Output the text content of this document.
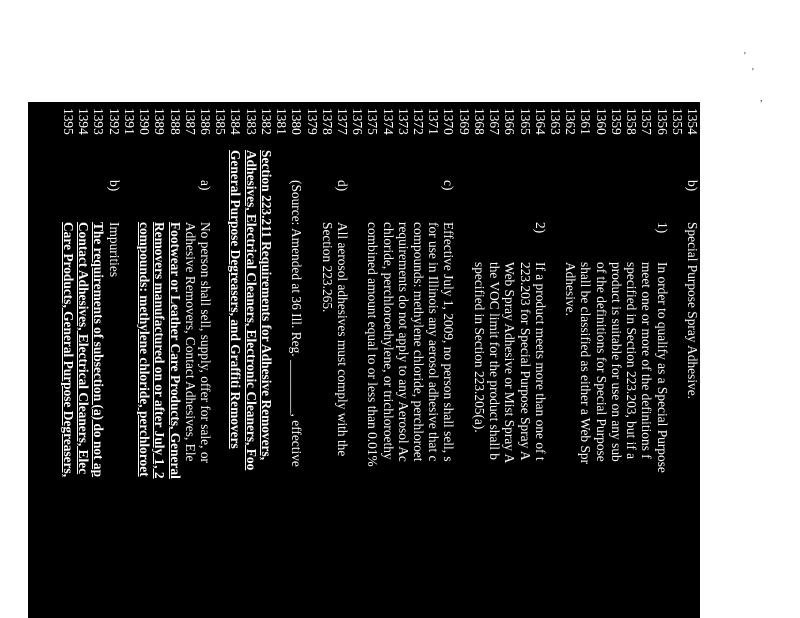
'
'
,
1354
b)
Special Purpose Spray Adhesive.
1355
1356
1)
In order to qualify as a Special Purpose
1357
meet one or more of the definitions f
1358
specified in Section 223.203, but if a
1359
product is suitable for use on any sub
1360
of the definitions for Special Purpose
1361
shall be classified as either a Web Spr
1362
Adhesive.
1363
1364
2)
If a product meets more than one of t
1365
223.203 for Special Purpose Spray A
1366
Web Spray Adhesive or Mist Spray A
1367
the VOC limit for the product shall b
1368
specified in Section 223.205(a).
1369
1370
c)
Effective July 1, 2009, no person shall sell, s
1371
for use in Illinois any aerosol adhesive that c
1372
compounds: methylene chloride, perchloroet
1373
requirements do not apply to any Aerosol Ac
1374
chloride, perchloroethylene, or trichloroethy
1375
combined amount equal to or less than 0.01%
1376
1377
d)
All aerosol adhesives must comply with the
1378
Section 223.265.
1379
1380
(Source: Amended at 36 Ill. Reg. ________, effective
1381
1382
Section 223.211 Requirements for Adhesive Removers,
1383
Adhesives, Electrical Cleaners, Electronic Cleaners, Foo
1384
General Purpose Degreasers, and Graffiti Removers
1385
1386
a)
No person shall sell, supply, offer for sale, or
1387
Adhesive Removers, Contact Adhesives, Ele
1388
Footwear or Leather Care Products, General
1389
Removers manufactured on or after July 1, 2
1390
compounds: methylene chloride, perchloroet
1391
1392
b)
Impurities
1393
The requirements of subsection (a) do not ap
1394
Contact Adhesives, Electrical Cleaners, Elec
1395
Care Products, General Purpose Degreasers,
